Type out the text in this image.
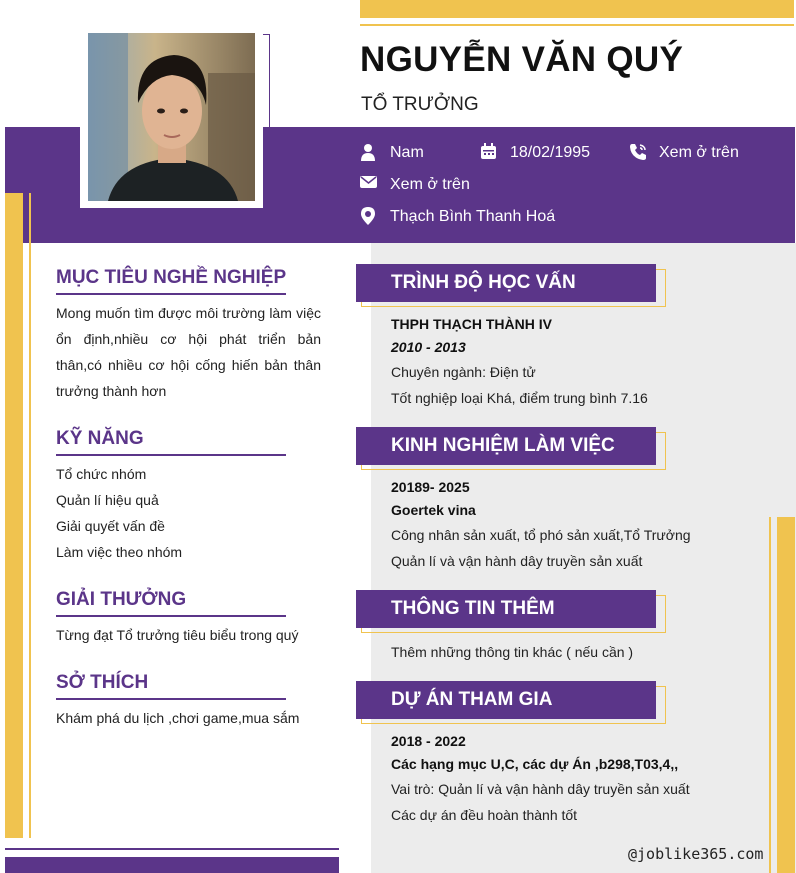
NGUYỄN VĂN QUÝ
TỔ TRƯỞNG
Nam	18/02/1995	Xem ở trên
Xem ở trên
Thạch Bình Thanh Hoá
MỤC TIÊU NGHỀ NGHIỆP
Mong muốn tìm được môi trường làm việc ổn định,nhiều cơ hội phát triển bản thân,có nhiều cơ hội cống hiến bản thân trưởng thành hơn
KỸ NĂNG
Tổ chức nhóm
Quản lí hiệu quả
Giải quyết vấn đề
Làm việc theo nhóm
GIẢI THƯỞNG
Từng đạt Tổ trưởng tiêu biểu trong quý
SỞ THÍCH
Khám phá du lịch ,chơi game,mua sắm
TRÌNH ĐỘ HỌC VẤN
THPH THẠCH THÀNH IV
2010 - 2013
Chuyên ngành: Điện tử
Tốt nghiệp loại Khá, điểm trung bình 7.16
KINH NGHIỆM LÀM VIỆC
20189- 2025
Goertek vina
Công nhân sản xuất, tổ phó sản xuất,Tổ Trưởng
Quản lí và vận hành dây truyền sản xuất
THÔNG TIN THÊM
Thêm những thông tin khác ( nếu cần )
DỰ ÁN THAM GIA
2018 - 2022
Các hạng mục U,C, các dự Án ,b298,T03,4,,
Vai trò: Quản lí và vận hành dây truyền sản xuất
Các dự án đều hoàn thành tốt
@joblike365.com
